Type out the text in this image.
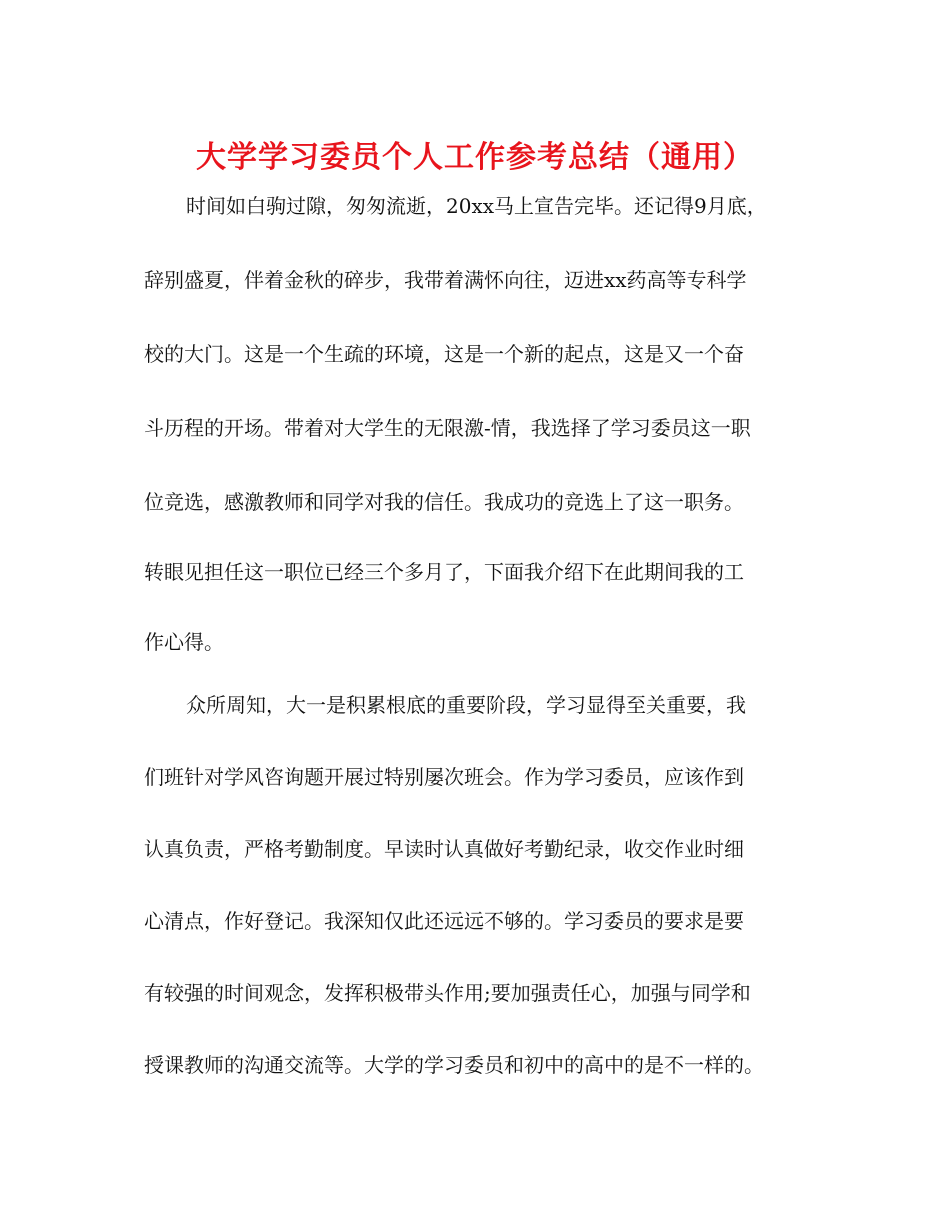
大学学习委员个人工作参考总结（通用）

时间如白驹过隙，匆匆流逝，20xx马上宣告完毕。还记得9月底，

辞别盛夏，伴着金秋的碎步，我带着满怀向往，迈进xx药高等专科学

校的大门。这是一个生疏的环境，这是一个新的起点，这是又一个奋

斗历程的开场。带着对大学生的无限激-情，我选择了学习委员这一职

位竞选，感激教师和同学对我的信任。我成功的竞选上了这一职务。

转眼见担任这一职位已经三个多月了，下面我介绍下在此期间我的工

作心得。

众所周知，大一是积累根底的重要阶段，学习显得至关重要，我

们班针对学风咨询题开展过特别屡次班会。作为学习委员，应该作到

认真负责，严格考勤制度。早读时认真做好考勤纪录，收交作业时细

心清点，作好登记。我深知仅此还远远不够的。学习委员的要求是要

有较强的时间观念，发挥积极带头作用;要加强责任心，加强与同学和

授课教师的沟通交流等。大学的学习委员和初中的高中的是不一样的。
